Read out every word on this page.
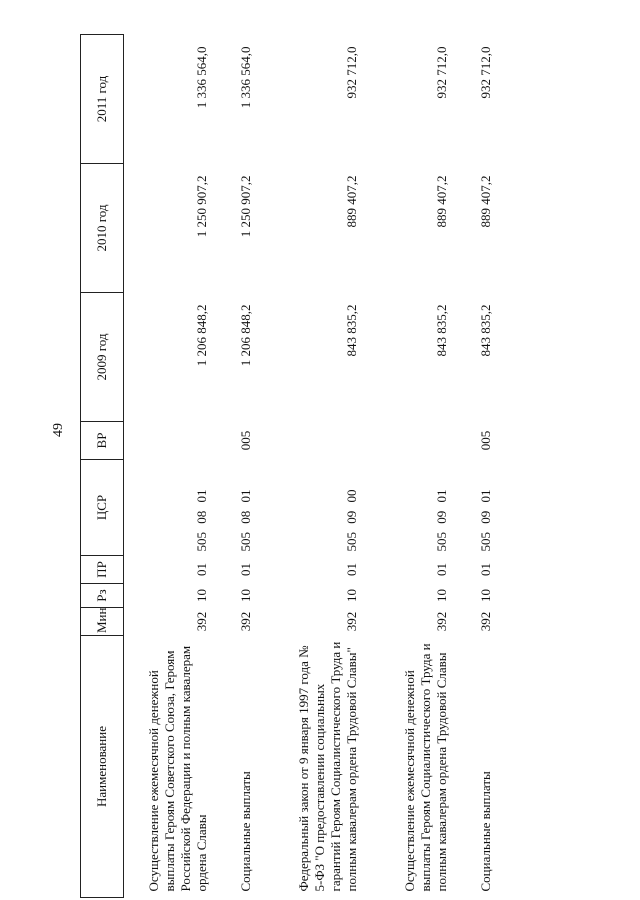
49
Наименование	Мин	Рз	ПР	ЦСР	ВР	2009 год	2010 год	2011 год
Осуществление ежемесячной денежной выплаты Героям Советского Союза, Героям Российской Федерации и полным кавалерам ордена Славы	392	10	01	505 08 01		1 206 848,2	1 250 907,2	1 336 564,0
Социальные выплаты	392	10	01	505 08 01	005	1 206 848,2	1 250 907,2	1 336 564,0
Федеральный закон от 9 января 1997 года № 5-ФЗ "О предоставлении социальных гарантий Героям Социалистического Труда и полным кавалерам ордена Трудовой Славы"	392	10	01	505 09 00		843 835,2	889 407,2	932 712,0
Осуществление ежемесячной денежной выплаты Героям Социалистического Труда и полным кавалерам ордена Трудовой Славы	392	10	01	505 09 01		843 835,2	889 407,2	932 712,0
Социальные выплаты	392	10	01	505 09 01	005	843 835,2	889 407,2	932 712,0
